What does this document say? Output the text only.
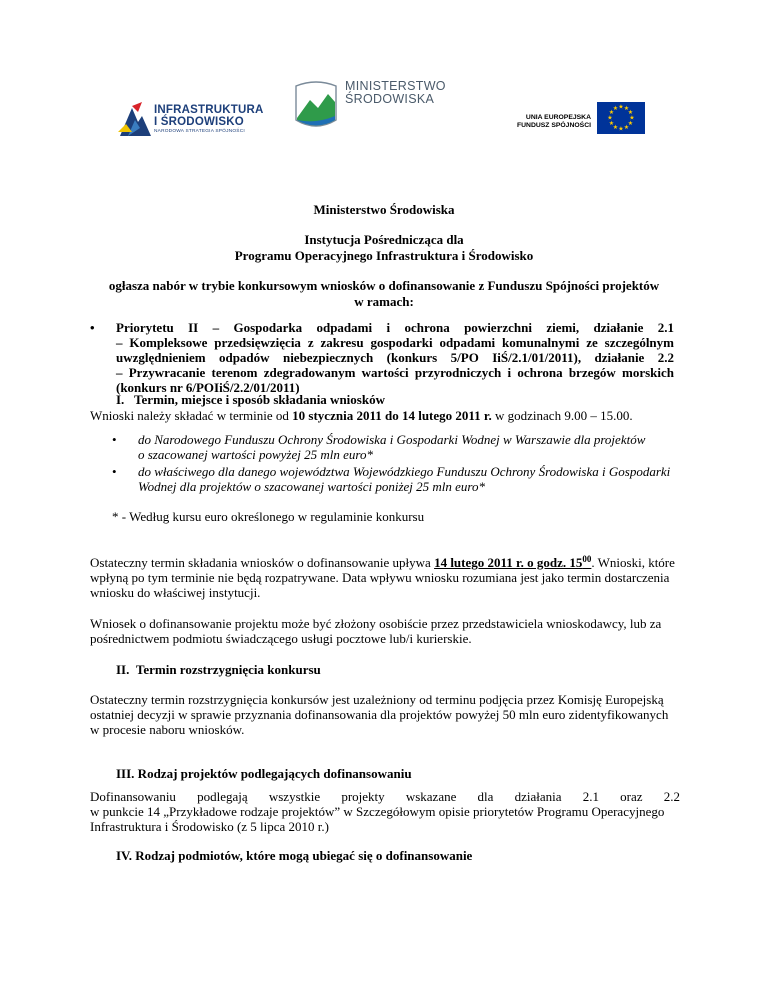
INFRASTRUKTURA
I ŚRODOWISKO
NARODOWA STRATEGIA SPÓJNOŚCI
MINISTERSTWO
ŚRODOWISKA
UNIA EUROPEJSKA
FUNDUSZ SPÓJNOŚCI
★ ★
★
★
★
★
★
★
★
★
★
★
Ministerstwo Środowiska
Instytucja Pośrednicząca dla
Programu Operacyjnego Infrastruktura i Środowisko
ogłasza nabór w trybie konkursowym wniosków o dofinansowanie z Funduszu Spójności projektów
w ramach:
• Priorytetu II – Gospodarka odpadami i ochrona powierzchni ziemi, działanie 2.1
– Kompleksowe przedsięwzięcia z zakresu gospodarki odpadami komunalnymi ze szczególnym
uwzględnieniem odpadów niebezpiecznych (konkurs 5/PO IiŚ/2.1/01/2011), działanie 2.2
– Przywracanie terenom zdegradowanym wartości przyrodniczych i ochrona brzegów morskich
(konkurs nr 6/POIiŚ/2.2/01/2011)
I.   Termin, miejsce i sposób składania wniosków
Wnioski należy składać w terminie od 10 stycznia 2011 do 14 lutego 2011 r. w godzinach 9.00 – 15.00.
• do Narodowego Funduszu Ochrony Środowiska i Gospodarki Wodnej w Warszawie dla projektów
o szacowanej wartości powyżej 25 mln euro*
• do właściwego dla danego województwa Wojewódzkiego Funduszu Ochrony Środowiska i Gospodarki
Wodnej dla projektów o szacowanej wartości poniżej 25 mln euro*
* - Według kursu euro określonego w regulaminie konkursu
Ostateczny termin składania wniosków o dofinansowanie upływa 14 lutego 2011 r. o godz. $15^{00}$. Wnioski, które
wpłyną po tym terminie nie będą rozpatrywane. Data wpływu wniosku rozumiana jest jako termin dostarczenia
wniosku do właściwej instytucji.
Wniosek o dofinansowanie projektu może być złożony osobiście przez przedstawiciela wnioskodawcy, lub za
pośrednictwem podmiotu świadczącego usługi pocztowe lub/i kurierskie.
II.  Termin rozstrzygnięcia konkursu
Ostateczny termin rozstrzygnięcia konkursów jest uzależniony od terminu podjęcia przez Komisję Europejską
ostatniej decyzji w sprawie przyznania dofinansowania dla projektów powyżej 50 mln euro zidentyfikowanych
w procesie naboru wniosków.
III. Rodzaj projektów podlegających dofinansowaniu
Dofinansowaniu podlegają wszystkie projekty wskazane dla działania 2.1 oraz 2.2
w punkcie 14 „Przykładowe rodzaje projektów” w Szczegółowym opisie priorytetów Programu Operacyjnego
Infrastruktura i Środowisko (z 5 lipca 2010 r.)
IV. Rodzaj podmiotów, które mogą ubiegać się o dofinansowanie
